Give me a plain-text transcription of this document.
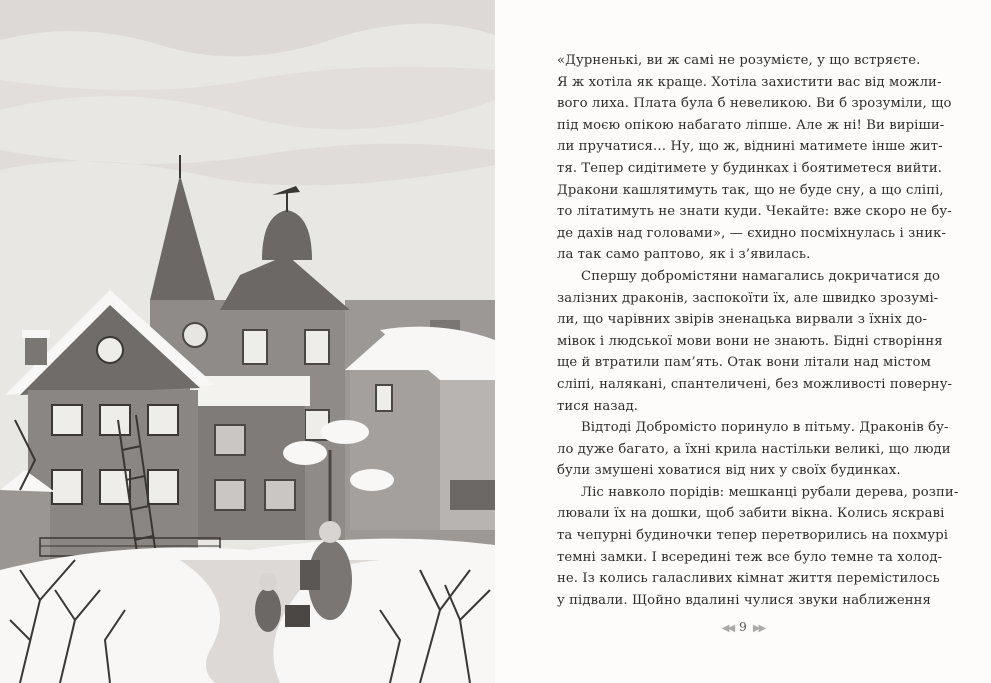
«Дурненькі, ви ж самі не розумієте, у що встряєте.
Я ж хотіла як краще. Хотіла захистити вас від можли-
вого лиха. Плата була б невеликою. Ви б зрозуміли, що
під моєю опікою набагато ліпше. Але ж ні! Ви виріши-
ли пручатися… Ну, що ж, віднині матимете інше жит-
тя. Тепер сидітимете у будинках і боятиметеся вийти.
Дракони кашлятимуть так, що не буде сну, а що сліпі,
то літатимуть не знати куди. Чекайте: вже скоро не бу-
де дахів над головами», — єхидно посміхнулась і зник-
ла так само раптово, як і з’явилась.
Спершу добромістяни намагались докричатися до
залізних драконів, заспокоїти їх, але швидко зрозумі-
ли, що чарівних звірів зненацька вирвали з їхніх до-
мівок і людської мови вони не знають. Бідні створіння
ще й втратили пам’ять. Отак вони літали над містом
сліпі, налякані, спантеличені, без можливості поверну-
тися назад.
Відтоді Добромісто поринуло в пітьму. Драконів бу-
ло дуже багато, а їхні крила настільки великі, що люди
були змушені ховатися від них у своїх будинках.
Ліс навколо порідів: мешканці рубали дерева, розпи-
лювали їх на дошки, щоб забити вікна. Колись яскраві
та чепурні будиночки тепер перетворились на похмурі
темні замки. І всередині теж все було темне та холод-
не. Із колись галасливих кімнат життя перемістилось
у підвали. Щойно вдалині чулися звуки наближення
◀◀ 9 ▶▶
